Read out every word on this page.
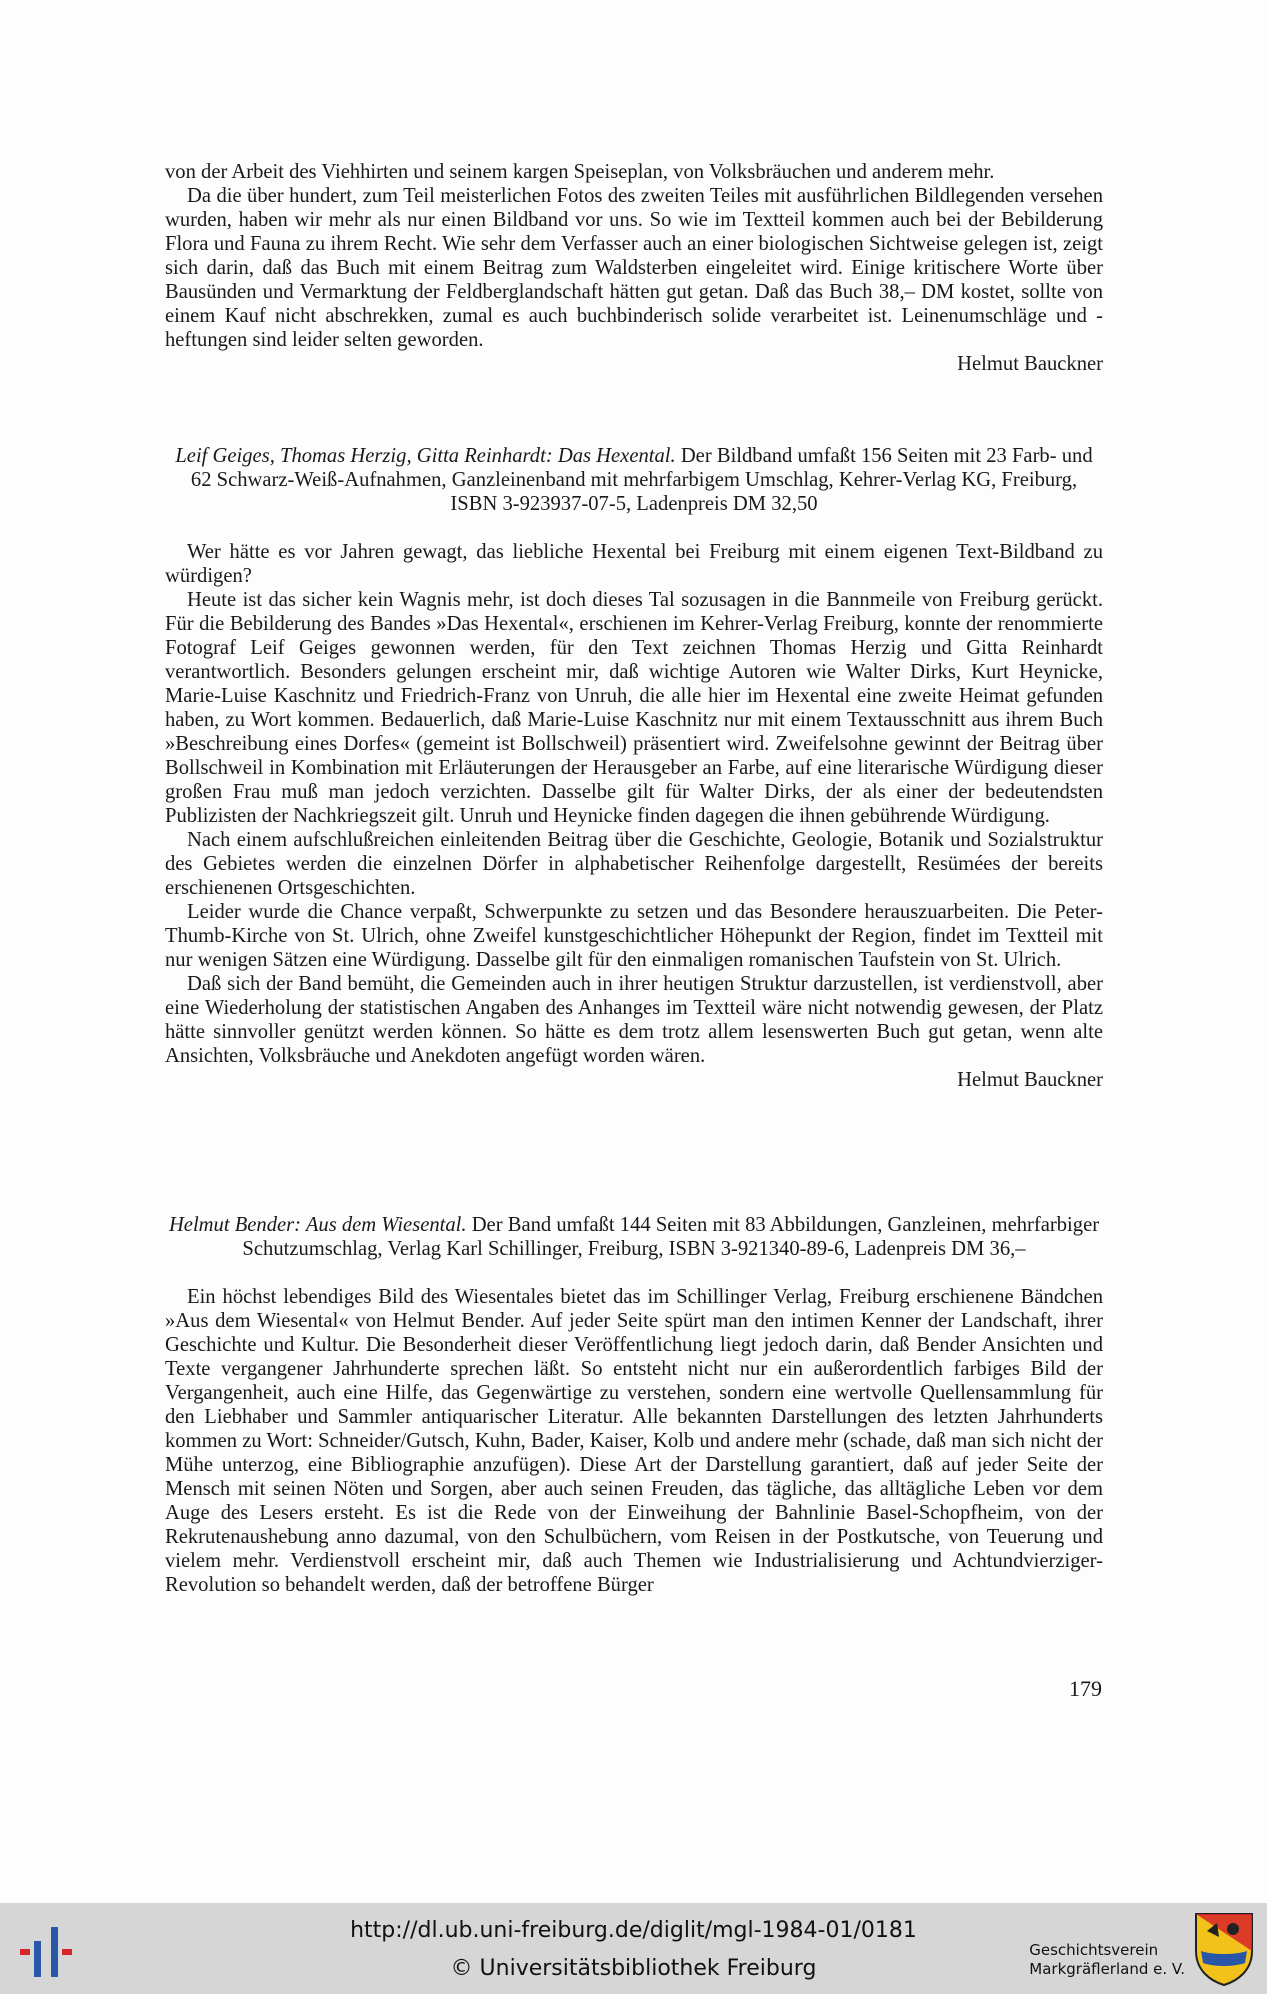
von der Arbeit des Viehhirten und seinem kargen Speiseplan, von Volksbräuchen und anderem mehr.

Da die über hundert, zum Teil meisterlichen Fotos des zweiten Teiles mit ausführlichen Bildlegenden versehen wurden, haben wir mehr als nur einen Bildband vor uns. So wie im Textteil kommen auch bei der Bebilderung Flora und Fauna zu ihrem Recht. Wie sehr dem Verfasser auch an einer biologischen Sichtweise gelegen ist, zeigt sich darin, daß das Buch mit einem Beitrag zum Waldsterben eingeleitet wird. Einige kritischere Worte über Bausünden und Vermarktung der Feldberglandschaft hätten gut getan. Daß das Buch 38,– DM kostet, sollte von einem Kauf nicht abschrekken, zumal es auch buchbinderisch solide verarbeitet ist. Leinenumschläge und -heftungen sind leider selten geworden.

Helmut Bauckner

Leif Geiges, Thomas Herzig, Gitta Reinhardt: Das Hexental. Der Bildband umfaßt 156 Seiten mit 23 Farb- und 62 Schwarz-Weiß-Aufnahmen, Ganzleinenband mit mehrfarbigem Umschlag, Kehrer-Verlag KG, Freiburg, ISBN 3-923937-07-5, Ladenpreis DM 32,50

Wer hätte es vor Jahren gewagt, das liebliche Hexental bei Freiburg mit einem eigenen Text-Bildband zu würdigen?

Heute ist das sicher kein Wagnis mehr, ist doch dieses Tal sozusagen in die Bannmeile von Freiburg gerückt. Für die Bebilderung des Bandes »Das Hexental«, erschienen im Kehrer-Verlag Freiburg, konnte der renommierte Fotograf Leif Geiges gewonnen werden, für den Text zeichnen Thomas Herzig und Gitta Reinhardt verantwortlich. Besonders gelungen erscheint mir, daß wichtige Autoren wie Walter Dirks, Kurt Heynicke, Marie-Luise Kaschnitz und Friedrich-Franz von Unruh, die alle hier im Hexental eine zweite Heimat gefunden haben, zu Wort kommen. Bedauerlich, daß Marie-Luise Kaschnitz nur mit einem Textausschnitt aus ihrem Buch »Beschreibung eines Dorfes« (gemeint ist Bollschweil) präsentiert wird. Zweifelsohne gewinnt der Beitrag über Bollschweil in Kombination mit Erläuterungen der Herausgeber an Farbe, auf eine literarische Würdigung dieser großen Frau muß man jedoch verzichten. Dasselbe gilt für Walter Dirks, der als einer der bedeutendsten Publizisten der Nachkriegszeit gilt. Unruh und Heynicke finden dagegen die ihnen gebührende Würdigung.

Nach einem aufschlußreichen einleitenden Beitrag über die Geschichte, Geologie, Botanik und Sozialstruktur des Gebietes werden die einzelnen Dörfer in alphabetischer Reihenfolge dargestellt, Resümées der bereits erschienenen Ortsgeschichten.

Leider wurde die Chance verpaßt, Schwerpunkte zu setzen und das Besondere herauszuarbeiten. Die Peter-Thumb-Kirche von St. Ulrich, ohne Zweifel kunstgeschichtlicher Höhepunkt der Region, findet im Textteil mit nur wenigen Sätzen eine Würdigung. Dasselbe gilt für den einmaligen romanischen Taufstein von St. Ulrich.

Daß sich der Band bemüht, die Gemeinden auch in ihrer heutigen Struktur darzustellen, ist verdienstvoll, aber eine Wiederholung der statistischen Angaben des Anhanges im Textteil wäre nicht notwendig gewesen, der Platz hätte sinnvoller genützt werden können. So hätte es dem trotz allem lesenswerten Buch gut getan, wenn alte Ansichten, Volksbräuche und Anekdoten angefügt worden wären.

Helmut Bauckner

Helmut Bender: Aus dem Wiesental. Der Band umfaßt 144 Seiten mit 83 Abbildungen, Ganzleinen, mehrfarbiger Schutzumschlag, Verlag Karl Schillinger, Freiburg, ISBN 3-921340-89-6, Ladenpreis DM 36,–

Ein höchst lebendiges Bild des Wiesentales bietet das im Schillinger Verlag, Freiburg erschienene Bändchen »Aus dem Wiesental« von Helmut Bender. Auf jeder Seite spürt man den intimen Kenner der Landschaft, ihrer Geschichte und Kultur. Die Besonderheit dieser Veröffentlichung liegt jedoch darin, daß Bender Ansichten und Texte vergangener Jahrhunderte sprechen läßt. So entsteht nicht nur ein außerordentlich farbiges Bild der Vergangenheit, auch eine Hilfe, das Gegenwärtige zu verstehen, sondern eine wertvolle Quellensammlung für den Liebhaber und Sammler antiquarischer Literatur. Alle bekannten Darstellungen des letzten Jahrhunderts kommen zu Wort: Schneider/Gutsch, Kuhn, Bader, Kaiser, Kolb und andere mehr (schade, daß man sich nicht der Mühe unterzog, eine Bibliographie anzufügen). Diese Art der Darstellung garantiert, daß auf jeder Seite der Mensch mit seinen Nöten und Sorgen, aber auch seinen Freuden, das tägliche, das alltägliche Leben vor dem Auge des Lesers ersteht. Es ist die Rede von der Einweihung der Bahnlinie Basel-Schopfheim, von der Rekrutenaushebung anno dazumal, von den Schulbüchern, vom Reisen in der Postkutsche, von Teuerung und vielem mehr. Verdienstvoll erscheint mir, daß auch Themen wie Industrialisierung und Achtundvierziger-Revolution so behandelt werden, daß der betroffene Bürger

179
http://dl.ub.uni-freiburg.de/diglit/mgl-1984-01/0181
© Universitätsbibliothek Freiburg
Geschichtsverein
Markgräflerland e. V.
